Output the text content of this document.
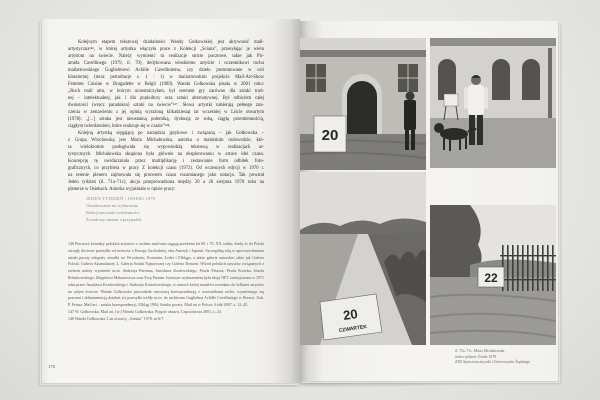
Kolejnym etapem tekstowej działalności Wandy Gołkowskiej jest aktywność mail-
artystyczna¹⁴⁶, w której artystka włączyła prace z Kolekcji „Ściana”, przesyłając je wielu
artystom na świecie. Należy wymienić tu realizacje stricte pocztowe, takie jak Pir-
amida Cavellinego (1979, il. 70), dedykowana włoskiemu artyście i uczestnikowi ruchu
mailartowskiego Guglielmowi Achille Cavelliniemu, czy dzieło prezentowane w celi
klasztornej (teraz perturbacje s. 1 : 1) w mailartowskim projekcie Mail-Art-Show
Femmes Cuisine w Brugadette w Belgii (1989). Wanda Gołkowska pisała w 2001 roku:
„Ruch mail artu, w którym uczestniczyłam, był terenem gry zarówno dla sztuki trud-
nej – intelektualnej, jak i dla popkultury oraz sztuki alternatywnej. Był odbiciem całej
dwoistości (wręcz paradoksu) sztuki na świecie”¹⁴⁷. Słowa artystki nabierają pełnego zna-
czenia w zestawieniu z jej opinią wyrażoną kilkadziesiąt lat wcześniej w Liście otwartym
(1978): „[...] sztuka jest nieustanną polemiką, dyskusją ze sobą, ciągłą przemiennością,
ciągłym twierdzeniem, które realizuje się w czasie”¹⁴⁸.
Kolejną artystką sięgającą po narzędzia językowe i związaną – jak Gołkowska –
z Grupą Wrocławską jest Maria Michałowska, autorka o malarskim rodowodzie, któ-
ra wielokrotnie posługiwała się wypowiedzią tekstową w realizacjach ar-
tystycznych. Michałowska skupiona była głównie na eksplorowaniu w sztuce idei czasu.
Koncepcję tę uwidaczniała przez multiplikację i zestawianie form odbitek foto-
graficznych, co przybiera w pracy Z kolekcji czasu (1972). Od wczesnych edycji w 1970 r.
na terenie pleneru zajmowała się procesem czasu rozumianego jako notacja. Tak powstał
Jeden tydzień (il. 71a–71c), akcja przeprowadzona między 20 a 26 sierpnia 1970 roku na
plenerze w Osiekach. Autorka wyjaśniała w opisie pracy:
JEDEN TYDZIEŃ / OSIEKI 1970
Oznakowanie na wydarzeniu
Relacjonowanie codzienności
Świadomy zamiar a przypadek
146 Pierwsze kontakty polskich artystów z ruchem mail-artu sięgają przełomu lat 60. i 70. XX wieku, kiedy to do Polski zaczęły docierać przesyłki od twórców z Europy Zachodniej, obu Ameryk i Japonii. Szczególną rolę w upowszechnianiu sztuki poczty odegrały ośrodki we Wrocławiu, Poznaniu, Łodzi i Elblągu, a także galerie autorskie, takie jak Galeria Foksal, Galeria Akumulatory 2, Galeria Sztuki Najnowszej czy Galeria Remont. Wśród polskich artystów związanych z ruchem należy wymienić m.in. Andrzeja Partuma, Jarosława Kozłowskiego, Pawła Petasza, Pawła Kwieka, Józefa Robakowskiego, Zbigniewa Makarewicza oraz Ewę Partum. Istotnym wydarzeniem była akcja NET zainicjowana w 1971 roku przez Jarosława Kozłowskiego i Andrzeja Kostołowskiego, w ramach której manifest rozesłano do kilkuset artystów na całym świecie. Wanda Gołkowska prowadziła ożywioną korespondencję z uczestnikami ruchu, wymieniając się pracami i dokumentacją działań; jej przesyłki trafiły m.in. do archiwum Guglielma Achille Cavelliniego w Brescii. Zob. P. Petasz, Mail art – sztuka korespondencji, Elbląg 1994; Sztuka poczty. Mail art w Polsce, Łódź 2007, s. 12–45.
147 W. Gołkowska, Mail art, [w:] Wanda Gołkowska. Pojęcie obrazu, Częstochowa 2001, s. 24.
148 Wanda Gołkowska, List otwarty, „Sztuka” 1978, nr 6/7.
178
20
20
CZWARTEK
22
il. 71a–71c. Maria Michałowska,
Jeden tydzień, Osieki 1970
ZDS Spuścizna artystki i Uniwersytetu Śląskiego
